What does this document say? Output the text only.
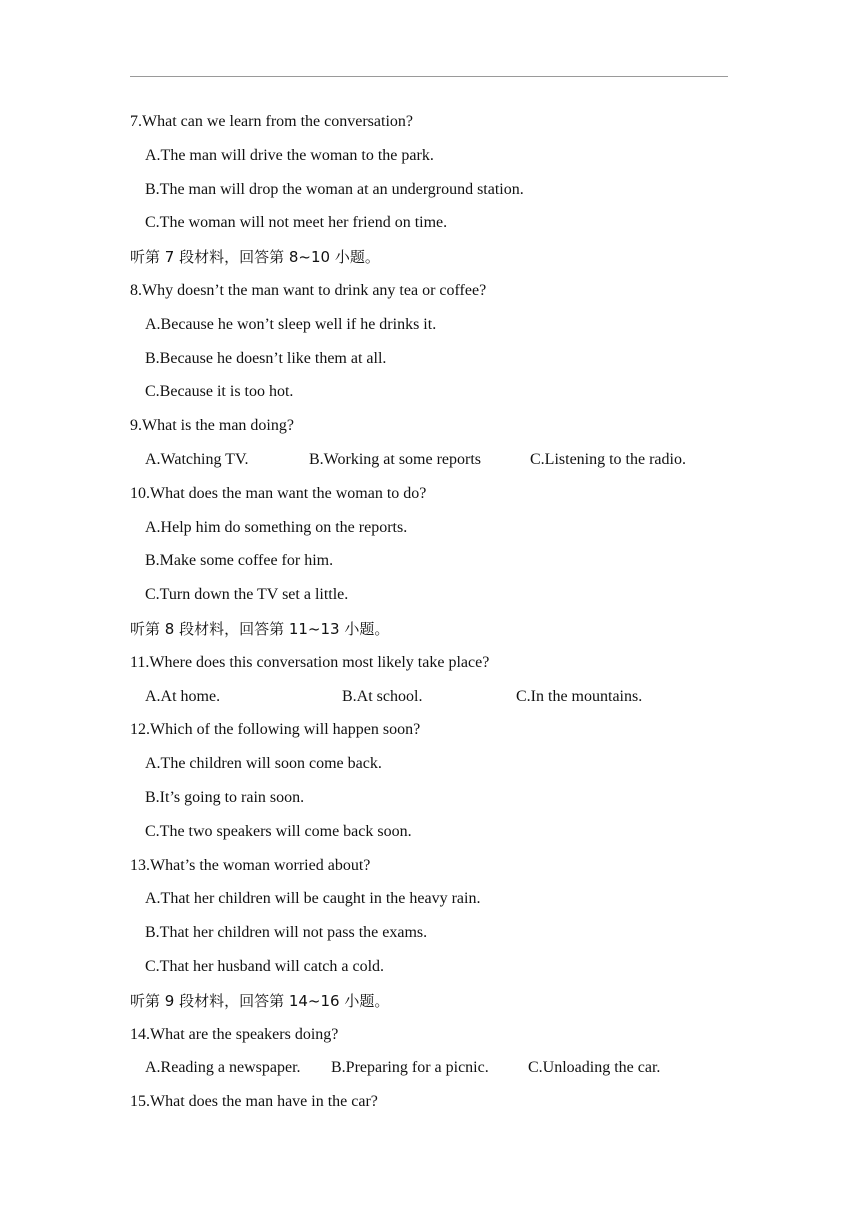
7.What can we learn from the conversation?
A.The man will drive the woman to the park.
B.The man will drop the woman at an underground station.
C.The woman will not meet her friend on time.
听第 7 段材料，回答第 8~10 小题。
8.Why doesn’t the man want to drink any tea or coffee?
A.Because he won’t sleep well if he drinks it.
B.Because he doesn’t like them at all.
C.Because it is too hot.
9.What is the man doing?
A.Watching TV.	B.Working at some reports	C.Listening to the radio.
10.What does the man want the woman to do?
A.Help him do something on the reports.
B.Make some coffee for him.
C.Turn down the TV set a little.
听第 8 段材料，回答第 11~13 小题。
11.Where does this conversation most likely take place?
A.At home.	B.At school.	C.In the mountains.
12.Which of the following will happen soon?
A.The children will soon come back.
B.It’s going to rain soon.
C.The two speakers will come back soon.
13.What’s the woman worried about?
A.That her children will be caught in the heavy rain.
B.That her children will not pass the exams.
C.That her husband will catch a cold.
听第 9 段材料，回答第 14~16 小题。
14.What are the speakers doing?
A.Reading a newspaper. B.Preparing for a picnic. C.Unloading the car.
15.What does the man have in the car?
